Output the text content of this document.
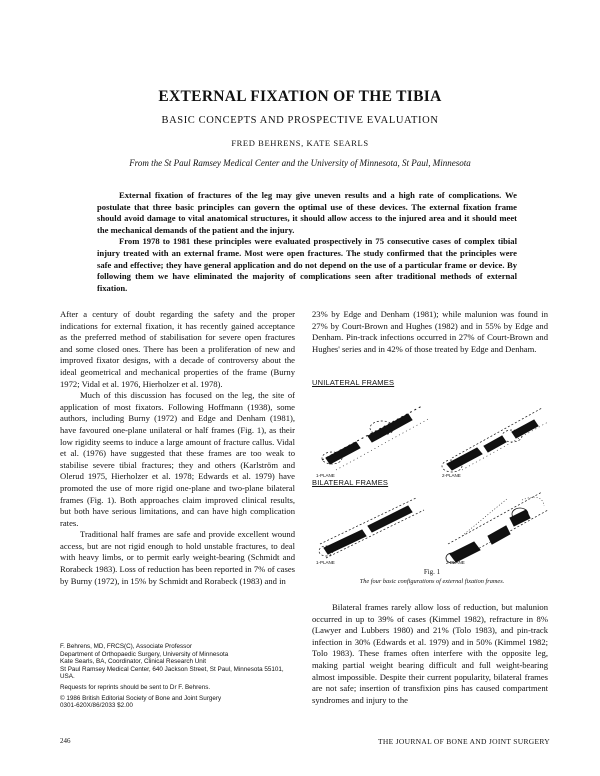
EXTERNAL FIXATION OF THE TIBIA
BASIC CONCEPTS AND PROSPECTIVE EVALUATION
FRED BEHRENS, KATE SEARLS
From the St Paul Ramsey Medical Center and the University of Minnesota, St Paul, Minnesota

External fixation of fractures of the leg may give uneven results and a high rate of complications. We postulate that three basic principles can govern the optimal use of these devices. The external fixation frame should avoid damage to vital anatomical structures, it should allow access to the injured area and it should meet the mechanical demands of the patient and the injury.

From 1978 to 1981 these principles were evaluated prospectively in 75 consecutive cases of complex tibial injury treated with an external frame. Most were open fractures. The study confirmed that the principles were safe and effective; they have general application and do not depend on the use of a particular frame or device. By following them we have eliminated the majority of complications seen after traditional methods of external fixation.

After a century of doubt regarding the safety and the proper indications for external fixation, it has recently gained acceptance as the preferred method of stabilisation for severe open fractures and some closed ones. There has been a proliferation of new and improved fixator designs, with a decade of controversy about the ideal geometrical and mechanical properties of the frame (Burny 1972; Vidal et al. 1976, Hierholzer et al. 1978).

Much of this discussion has focused on the leg, the site of application of most fixators. Following Hoffmann (1938), some authors, including Burny (1972) and Edge and Denham (1981), have favoured one-plane unilateral or half frames (Fig. 1), as their low rigidity seems to induce a large amount of fracture callus. Vidal et al. (1976) have suggested that these frames are too weak to stabilise severe tibial fractures; they and others (Karlström and Olerud 1975, Hierholzer et al. 1978; Edwards et al. 1979) have promoted the use of more rigid one-plane and two-plane bilateral frames (Fig. 1). Both approaches claim improved clinical results, but both have serious limitations, and can have high complication rates.

Traditional half frames are safe and provide excellent wound access, but are not rigid enough to hold unstable fractures, to deal with heavy limbs, or to permit early weight-bearing (Schmidt and Rorabeck 1983). Loss of reduction has been reported in 7% of cases by Burny (1972), in 15% by Schmidt and Rorabeck (1983) and in

23% by Edge and Denham (1981); while malunion was found in 27% by Court-Brown and Hughes (1982) and in 55% by Edge and Denham. Pin-track infections occurred in 27% of Court-Brown and Hughes' series and in 42% of those treated by Edge and Denham.

UNILATERAL FRAMES
1-PLANE	2-PLANE
BILATERAL FRAMES
1-PLANE	2-PLANE
Fig. 1
The four basic configurations of external fixation frames.

Bilateral frames rarely allow loss of reduction, but malunion occurred in up to 39% of cases (Kimmel 1982), refracture in 8% (Lawyer and Lubbers 1980) and 21% (Tolo 1983), and pin-track infection in 30% (Edwards et al. 1979) and in 50% (Kimmel 1982; Tolo 1983). These frames often interfere with the opposite leg, making partial weight bearing difficult and full weight-bearing almost impossible. Despite their current popularity, bilateral frames are not safe; insertion of transfixion pins has caused compartment syndromes and injury to the

F. Behrens, MD, FRCS(C), Associate Professor

Department of Orthopaedic Surgery, University of Minnesota

Kate Searls, BA, Coordinator, Clinical Research Unit

St Paul Ramsey Medical Center, 640 Jackson Street, St Paul, Minnesota 55101, USA.

Requests for reprints should be sent to Dr F. Behrens.

© 1986 British Editorial Society of Bone and Joint Surgery

0301-620X/86/2033 $2.00

246	THE JOURNAL OF BONE AND JOINT SURGERY
